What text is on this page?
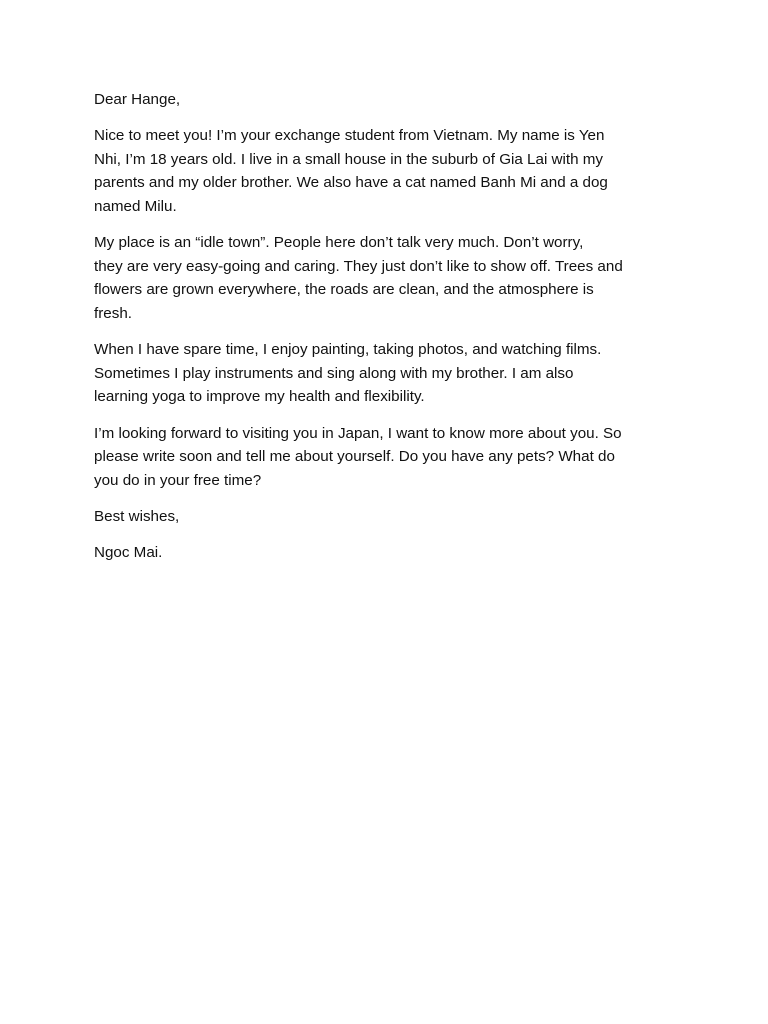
Dear Hange,

Nice to meet you! I’m your exchange student from Vietnam. My name is Yen
Nhi, I’m 18 years old. I live in a small house in the suburb of Gia Lai with my
parents and my older brother. We also have a cat named Banh Mi and a dog
named Milu.

My place is an “idle town”. People here don’t talk very much. Don’t worry,
they are very easy-going and caring. They just don’t like to show off. Trees and
flowers are grown everywhere, the roads are clean, and the atmosphere is
fresh.

When I have spare time, I enjoy painting, taking photos, and watching films.
Sometimes I play instruments and sing along with my brother. I am also
learning yoga to improve my health and flexibility.

I’m looking forward to visiting you in Japan, I want to know more about you. So
please write soon and tell me about yourself. Do you have any pets? What do
you do in your free time?

Best wishes,

Ngoc Mai.
